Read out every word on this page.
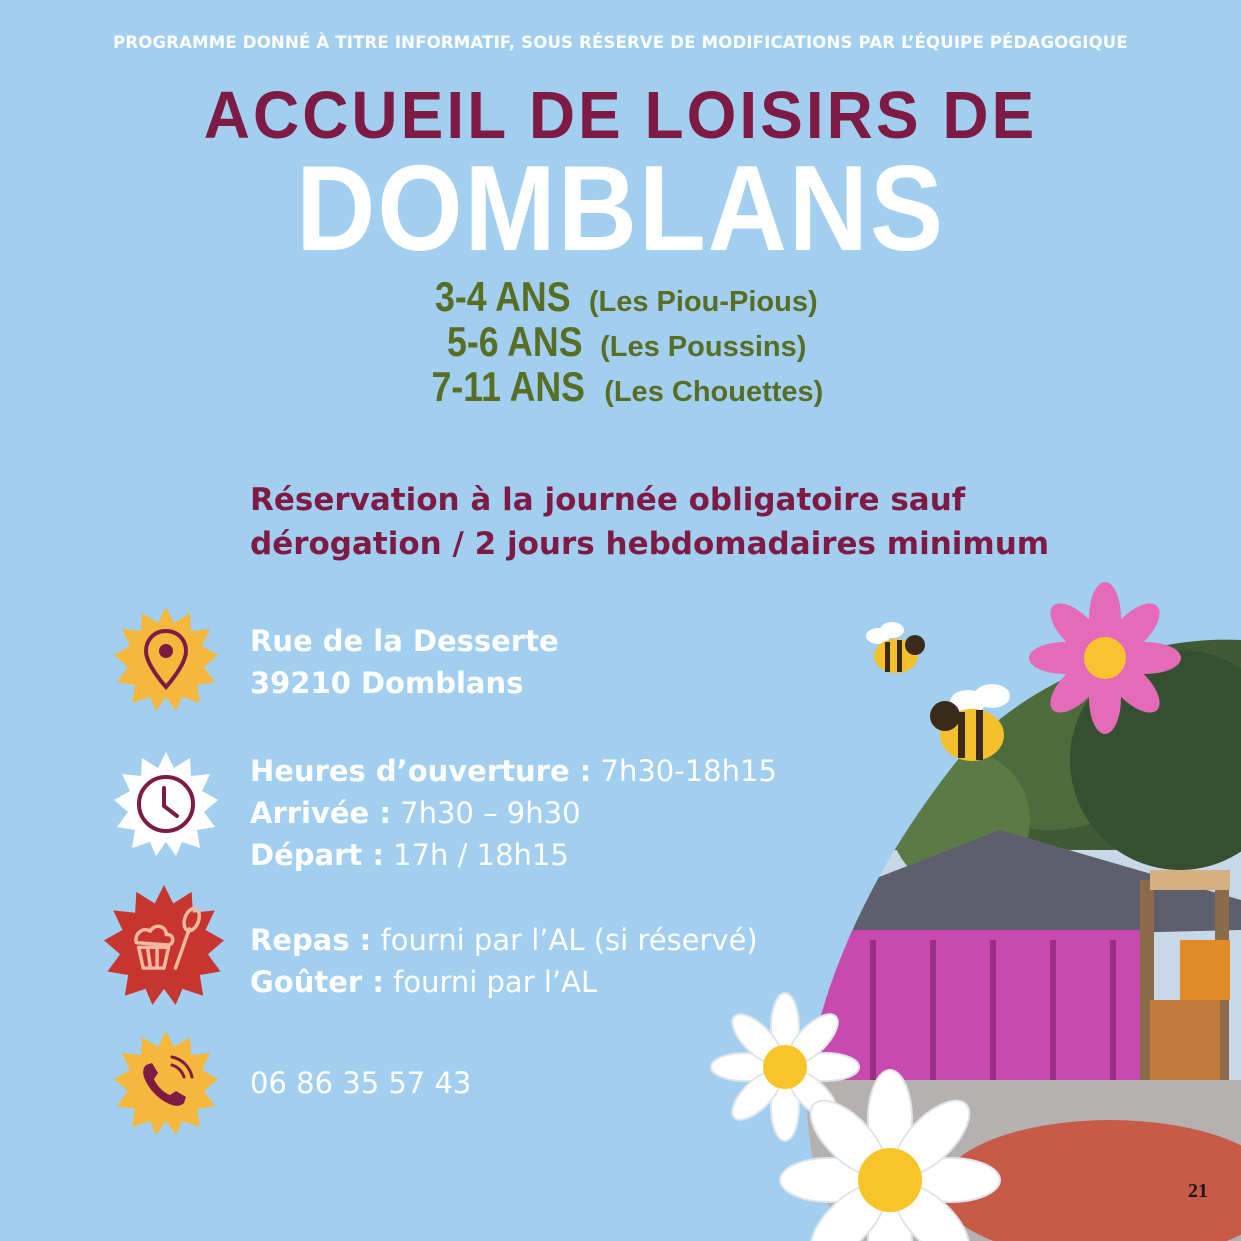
PROGRAMME DONNÉ À TITRE INFORMATIF, SOUS RÉSERVE DE MODIFICATIONS PAR L’ÉQUIPE PÉDAGOGIQUE
ACCUEIL DE LOISIRS DE
DOMBLANS
3-4 ANS (Les Piou-Pious)
5-6 ANS (Les Poussins)
7-11 ANS (Les Chouettes)
Réservation à la journée obligatoire sauf
dérogation / 2 jours hebdomadaires minimum
Rue de la Desserte
39210 Domblans
Heures d’ouverture : 7h30-18h15
Arrivée : 7h30 – 9h30
Départ : 17h / 18h15
Repas : fourni par l’AL (si réservé)
Goûter : fourni par l’AL
06 86 35 57 43
21
